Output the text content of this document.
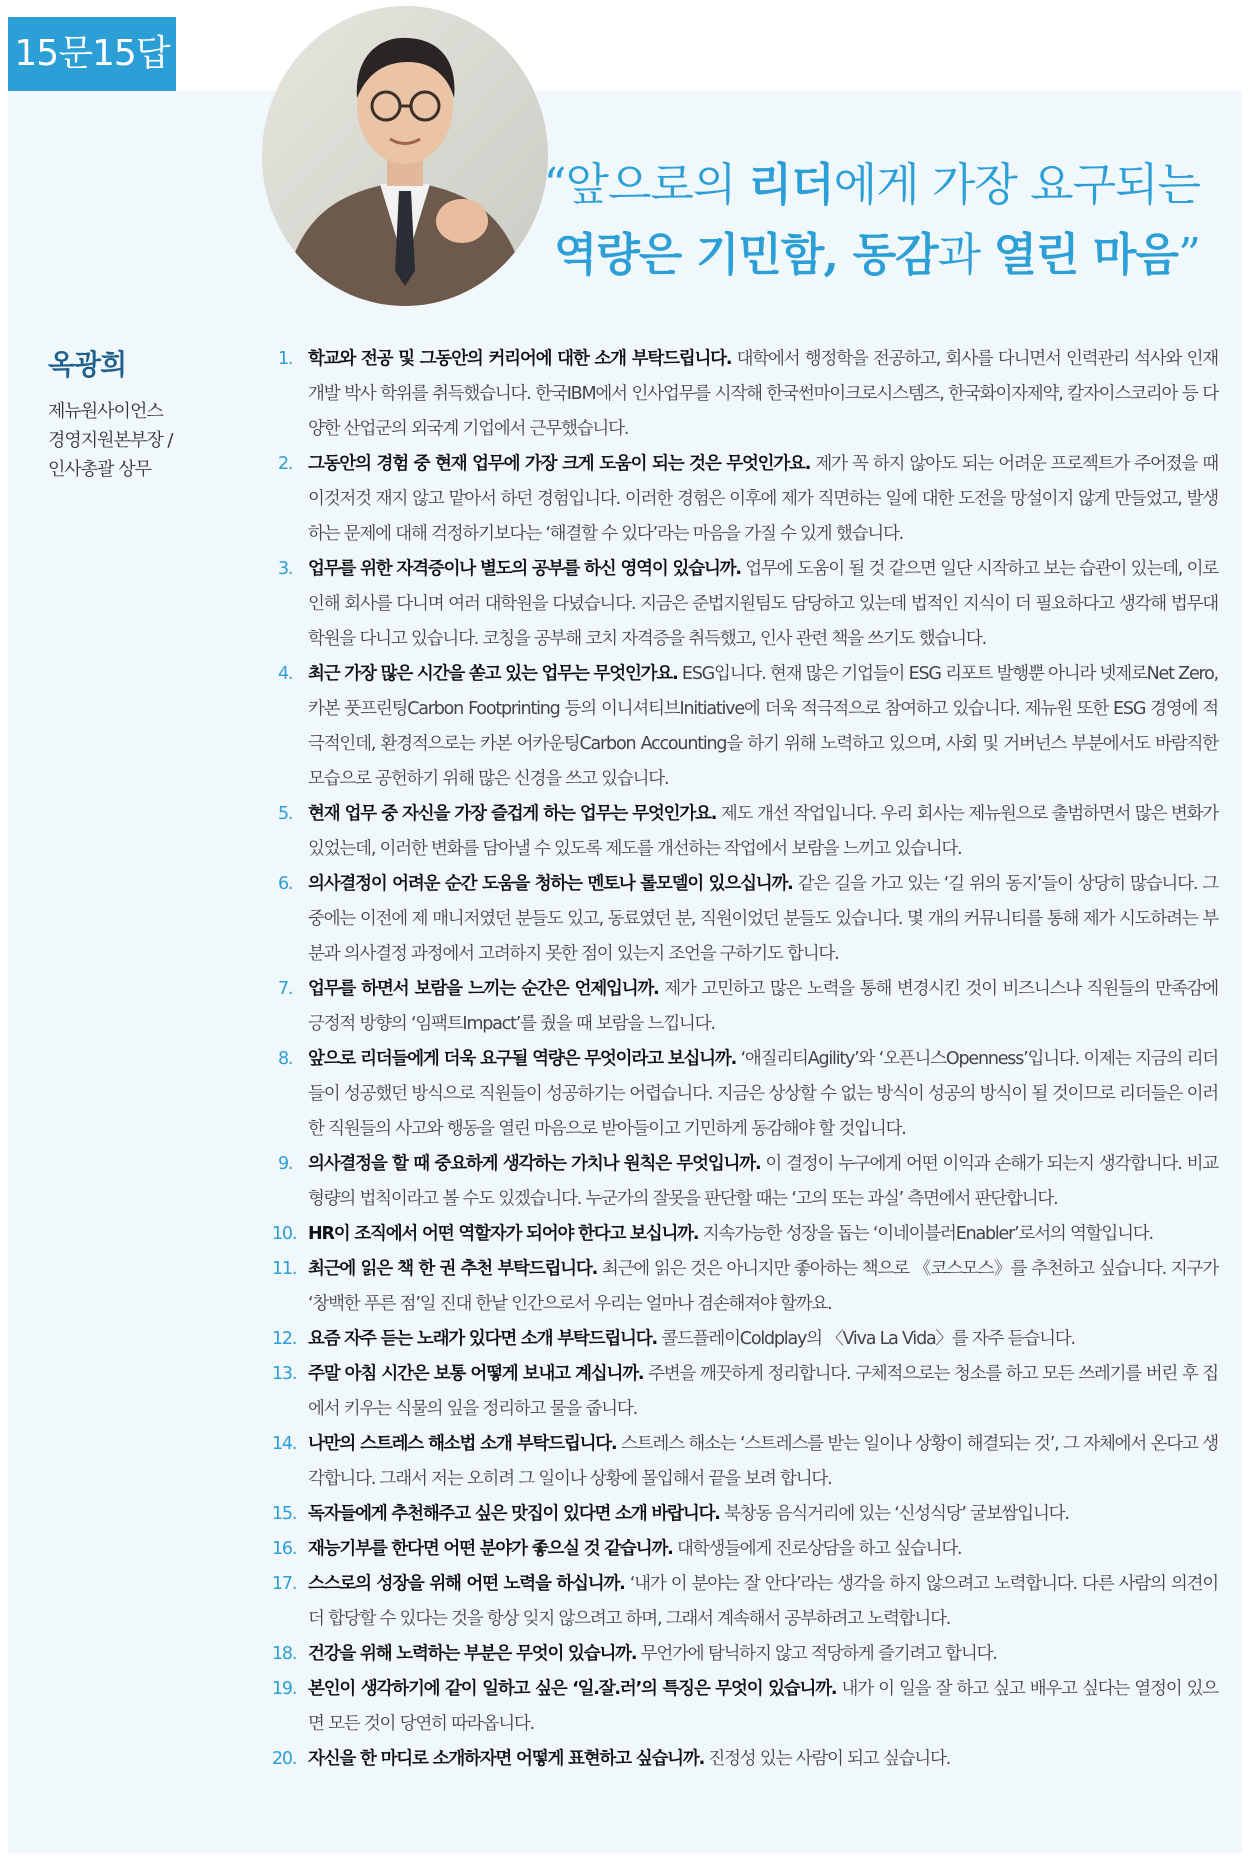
15문15답
“앞으로의 리더에게 가장 요구되는
역량은 기민함, 동감과 열린 마음”
옥광희
제뉴원사이언스
경영지원본부장 /
인사총괄 상무
1. 학교와 전공 및 그동안의 커리어에 대한 소개 부탁드립니다. 대학에서 행정학을 전공하고, 회사를 다니면서 인력관리 석사와 인재개발 박사 학위를 취득했습니다. 한국IBM에서 인사업무를 시작해 한국썬마이크로시스템즈, 한국화이자제약, 칼자이스코리아 등 다양한 산업군의 외국계 기업에서 근무했습니다.
2. 그동안의 경험 중 현재 업무에 가장 크게 도움이 되는 것은 무엇인가요. 제가 꼭 하지 않아도 되는 어려운 프로젝트가 주어졌을 때 이것저것 재지 않고 맡아서 하던 경험입니다. 이러한 경험은 이후에 제가 직면하는 일에 대한 도전을 망설이지 않게 만들었고, 발생하는 문제에 대해 걱정하기보다는 ‘해결할 수 있다’라는 마음을 가질 수 있게 했습니다.
3. 업무를 위한 자격증이나 별도의 공부를 하신 영역이 있습니까. 업무에 도움이 될 것 같으면 일단 시작하고 보는 습관이 있는데, 이로 인해 회사를 다니며 여러 대학원을 다녔습니다. 지금은 준법지원팀도 담당하고 있는데 법적인 지식이 더 필요하다고 생각해 법무대학원을 다니고 있습니다. 코칭을 공부해 코치 자격증을 취득했고, 인사 관련 책을 쓰기도 했습니다.
4. 최근 가장 많은 시간을 쏟고 있는 업무는 무엇인가요. ESG입니다. 현재 많은 기업들이 ESG 리포트 발행뿐 아니라 넷제로Net Zero, 카본 풋프린팅Carbon Footprinting 등의 이니셔티브Initiative에 더욱 적극적으로 참여하고 있습니다. 제뉴원 또한 ESG 경영에 적극적인데, 환경적으로는 카본 어카운팅Carbon Accounting을 하기 위해 노력하고 있으며, 사회 및 거버넌스 부분에서도 바람직한 모습으로 공헌하기 위해 많은 신경을 쓰고 있습니다.
5. 현재 업무 중 자신을 가장 즐겁게 하는 업무는 무엇인가요. 제도 개선 작업입니다. 우리 회사는 제뉴원으로 출범하면서 많은 변화가 있었는데, 이러한 변화를 담아낼 수 있도록 제도를 개선하는 작업에서 보람을 느끼고 있습니다.
6. 의사결정이 어려운 순간 도움을 청하는 멘토나 롤모델이 있으십니까. 같은 길을 가고 있는 ‘길 위의 동지’들이 상당히 많습니다. 그중에는 이전에 제 매니저였던 분들도 있고, 동료였던 분, 직원이었던 분들도 있습니다. 몇 개의 커뮤니티를 통해 제가 시도하려는 부분과 의사결정 과정에서 고려하지 못한 점이 있는지 조언을 구하기도 합니다.
7. 업무를 하면서 보람을 느끼는 순간은 언제입니까. 제가 고민하고 많은 노력을 통해 변경시킨 것이 비즈니스나 직원들의 만족감에 긍정적 방향의 ‘임팩트Impact’를 줬을 때 보람을 느낍니다.
8. 앞으로 리더들에게 더욱 요구될 역량은 무엇이라고 보십니까. ‘애질리티Agility’와 ‘오픈니스Openness’입니다. 이제는 지금의 리더들이 성공했던 방식으로 직원들이 성공하기는 어렵습니다. 지금은 상상할 수 없는 방식이 성공의 방식이 될 것이므로 리더들은 이러한 직원들의 사고와 행동을 열린 마음으로 받아들이고 기민하게 동감해야 할 것입니다.
9. 의사결정을 할 때 중요하게 생각하는 가치나 원칙은 무엇입니까. 이 결정이 누구에게 어떤 이익과 손해가 되는지 생각합니다. 비교형량의 법칙이라고 볼 수도 있겠습니다. 누군가의 잘못을 판단할 때는 ‘고의 또는 과실’ 측면에서 판단합니다.
10. HR이 조직에서 어떤 역할자가 되어야 한다고 보십니까. 지속가능한 성장을 돕는 ‘이네이블러Enabler’로서의 역할입니다.
11. 최근에 읽은 책 한 권 추천 부탁드립니다. 최근에 읽은 것은 아니지만 좋아하는 책으로 《코스모스》를 추천하고 싶습니다. 지구가 ‘창백한 푸른 점’일 진대 한낱 인간으로서 우리는 얼마나 겸손해져야 할까요.
12. 요즘 자주 듣는 노래가 있다면 소개 부탁드립니다. 콜드플레이Coldplay의 〈Viva La Vida〉를 자주 듣습니다.
13. 주말 아침 시간은 보통 어떻게 보내고 계십니까. 주변을 깨끗하게 정리합니다. 구체적으로는 청소를 하고 모든 쓰레기를 버린 후 집에서 키우는 식물의 잎을 정리하고 물을 줍니다.
14. 나만의 스트레스 해소법 소개 부탁드립니다. 스트레스 해소는 ‘스트레스를 받는 일이나 상황이 해결되는 것’, 그 자체에서 온다고 생각합니다. 그래서 저는 오히려 그 일이나 상황에 몰입해서 끝을 보려 합니다.
15. 독자들에게 추천해주고 싶은 맛집이 있다면 소개 바랍니다. 북창동 음식거리에 있는 ‘신성식당’ 굴보쌈입니다.
16. 재능기부를 한다면 어떤 분야가 좋으실 것 같습니까. 대학생들에게 진로상담을 하고 싶습니다.
17. 스스로의 성장을 위해 어떤 노력을 하십니까. ‘내가 이 분야는 잘 안다’라는 생각을 하지 않으려고 노력합니다. 다른 사람의 의견이 더 합당할 수 있다는 것을 항상 잊지 않으려고 하며, 그래서 계속해서 공부하려고 노력합니다.
18. 건강을 위해 노력하는 부분은 무엇이 있습니까. 무언가에 탐닉하지 않고 적당하게 즐기려고 합니다.
19. 본인이 생각하기에 같이 일하고 싶은 ‘일.잘.러’의 특징은 무엇이 있습니까. 내가 이 일을 잘 하고 싶고 배우고 싶다는 열정이 있으면 모든 것이 당연히 따라옵니다.
20. 자신을 한 마디로 소개하자면 어떻게 표현하고 싶습니까. 진정성 있는 사람이 되고 싶습니다.
